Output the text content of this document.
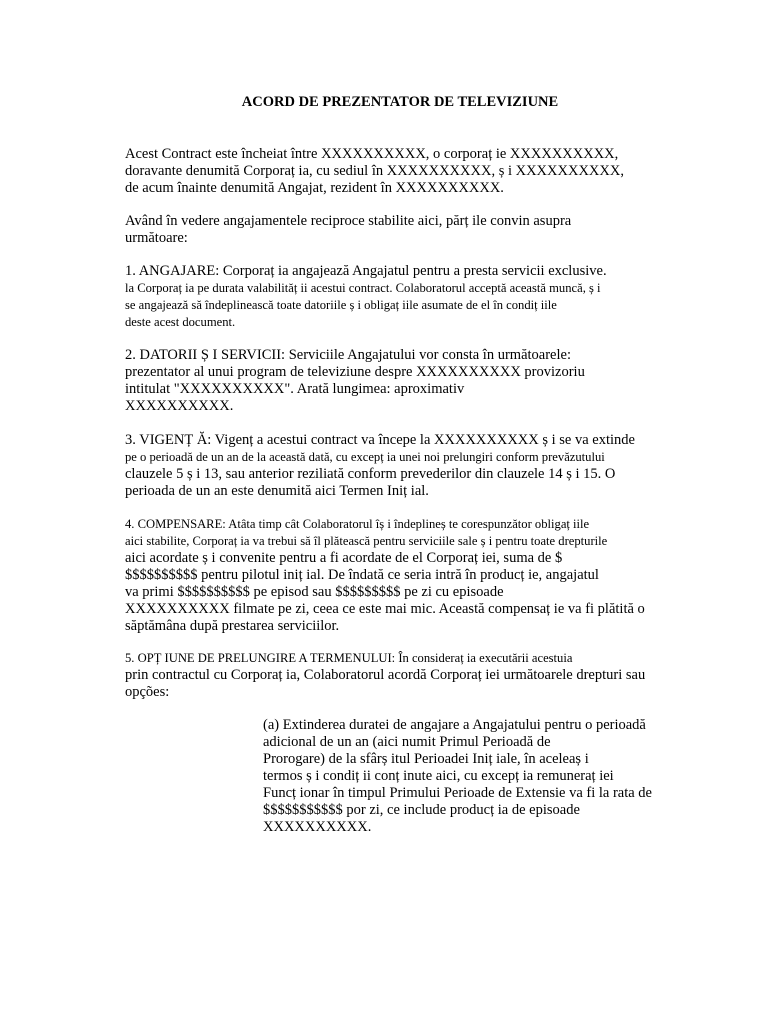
ACORD DE PREZENTATOR DE TELEVIZIUNE
Acest Contract este încheiat între XXXXXXXXXX, o corporaț ie XXXXXXXXXX,
doravante denumită Corporaț ia, cu sediul în XXXXXXXXXX, ș i XXXXXXXXXX,
de acum înainte denumită Angajat, rezident în XXXXXXXXXX.
Având în vedere angajamentele reciproce stabilite aici, părț ile convin asupra
următoare:
1. ANGAJARE: Corporaț ia angajează Angajatul pentru a presta servicii exclusive.
la Corporaț ia pe durata valabilităț ii acestui contract. Colaboratorul acceptă această muncă, ș i
se angajează să îndeplinească toate datoriile ș i obligaț iile asumate de el în condiț iile
deste acest document.
2. DATORII Ș I SERVICII: Serviciile Angajatului vor consta în următoarele:
prezentator al unui program de televiziune despre XXXXXXXXXX provizoriu
intitulat "XXXXXXXXXX". Arată lungimea: aproximativ
XXXXXXXXXX.
3. VIGENȚ Ă: Vigenț a acestui contract va începe la XXXXXXXXXX ș i se va extinde
pe o perioadă de un an de la această dată, cu excepț ia unei noi prelungiri conform prevăzutului
clauzele 5 ș i 13, sau anterior reziliată conform prevederilor din clauzele 14 ș i 15. O
perioada de un an este denumită aici Termen Iniț ial.
4. COMPENSARE: Atâta timp cât Colaboratorul îș i îndeplineș te corespunzător obligaț iile
aici stabilite, Corporaț ia va trebui să îl plătească pentru serviciile sale ș i pentru toate drepturile
aici acordate ș i convenite pentru a fi acordate de el Corporaț iei, suma de $
$$$$$$$$$$ pentru pilotul iniț ial. De îndată ce seria intră în producț ie, angajatul
va primi $$$$$$$$$$ pe episod sau $$$$$$$$$ pe zi cu episoade
XXXXXXXXXX filmate pe zi, ceea ce este mai mic. Această compensaț ie va fi plătită o
săptămâna după prestarea serviciilor.
5. OPȚ IUNE DE PRELUNGIRE A TERMENULUI: În consideraț ia executării acestuia
prin contractul cu Corporaț ia, Colaboratorul acordă Corporaț iei următoarele drepturi sau
opções:
(a) Extinderea duratei de angajare a Angajatului pentru o perioadă
adicional de un an (aici numit Primul Perioadă de
Prorogare) de la sfârș itul Perioadei Iniț iale, în aceleaș i
termos ș i condiț ii conț inute aici, cu excepț ia remuneraț iei
Funcț ionar în timpul Primului Perioade de Extensie va fi la rata de
$$$$$$$$$$$ por zi, ce include producț ia de episoade
XXXXXXXXXX.
